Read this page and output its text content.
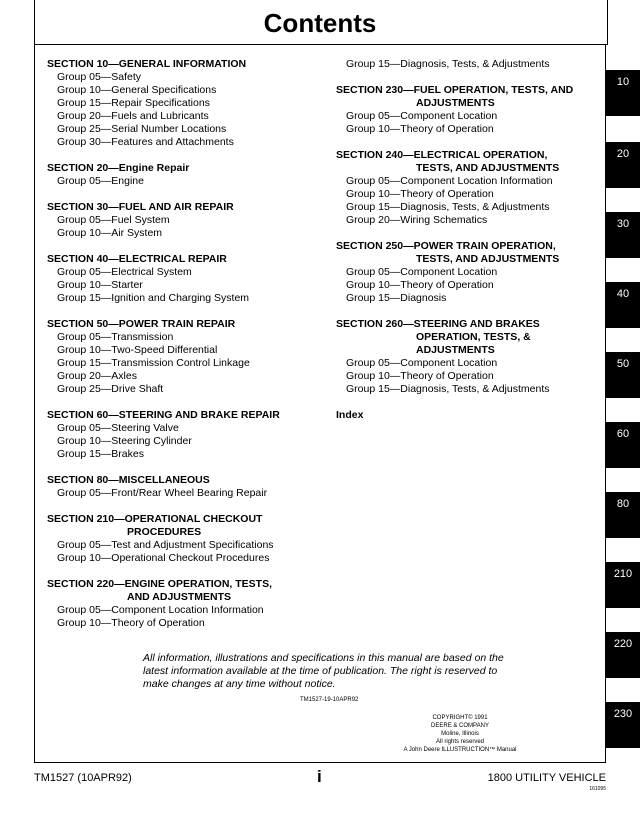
Contents
SECTION 10—GENERAL INFORMATION
Group 05—Safety
Group 10—General Specifications
Group 15—Repair Specifications
Group 20—Fuels and Lubricants
Group 25—Serial Number Locations
Group 30—Features and Attachments
SECTION 20—Engine Repair
Group 05—Engine
SECTION 30—FUEL AND AIR REPAIR
Group 05—Fuel System
Group 10—Air System
SECTION 40—ELECTRICAL REPAIR
Group 05—Electrical System
Group 10—Starter
Group 15—Ignition and Charging System
SECTION 50—POWER TRAIN REPAIR
Group 05—Transmission
Group 10—Two-Speed Differential
Group 15—Transmission Control Linkage
Group 20—Axles
Group 25—Drive Shaft
SECTION 60—STEERING AND BRAKE REPAIR
Group 05—Steering Valve
Group 10—Steering Cylinder
Group 15—Brakes
SECTION 80—MISCELLANEOUS
Group 05—Front/Rear Wheel Bearing Repair
SECTION 210—OPERATIONAL CHECKOUT
PROCEDURES
Group 05—Test and Adjustment Specifications
Group 10—Operational Checkout Procedures
SECTION 220—ENGINE OPERATION, TESTS,
AND ADJUSTMENTS
Group 05—Component Location Information
Group 10—Theory of Operation
Group 15—Diagnosis, Tests, & Adjustments
SECTION 230—FUEL OPERATION, TESTS, AND
ADJUSTMENTS
Group 05—Component Location
Group 10—Theory of Operation
SECTION 240—ELECTRICAL OPERATION,
TESTS, AND ADJUSTMENTS
Group 05—Component Location Information
Group 10—Theory of Operation
Group 15—Diagnosis, Tests, & Adjustments
Group 20—Wiring Schematics
SECTION 250—POWER TRAIN OPERATION,
TESTS, AND ADJUSTMENTS
Group 05—Component Location
Group 10—Theory of Operation
Group 15—Diagnosis
SECTION 260—STEERING AND BRAKES
OPERATION, TESTS, & ADJUSTMENTS
Group 05—Component Location
Group 10—Theory of Operation
Group 15—Diagnosis, Tests, & Adjustments
Index
10
20
30
40
50
60
80
210
220
230
All information, illustrations and specifications in this manual are based on the latest information available at the time of publication. The right is reserved to make changes at any time without notice.
TM1527-19-10APR92
COPYRIGHT© 1991
DEERE & COMPANY
Moline, Illinois
All rights reserved
A John Deere ILLUSTRUCTION™ Manual
TM1527 (10APR92)	i	1800 UTILITY VEHICLE
161095
